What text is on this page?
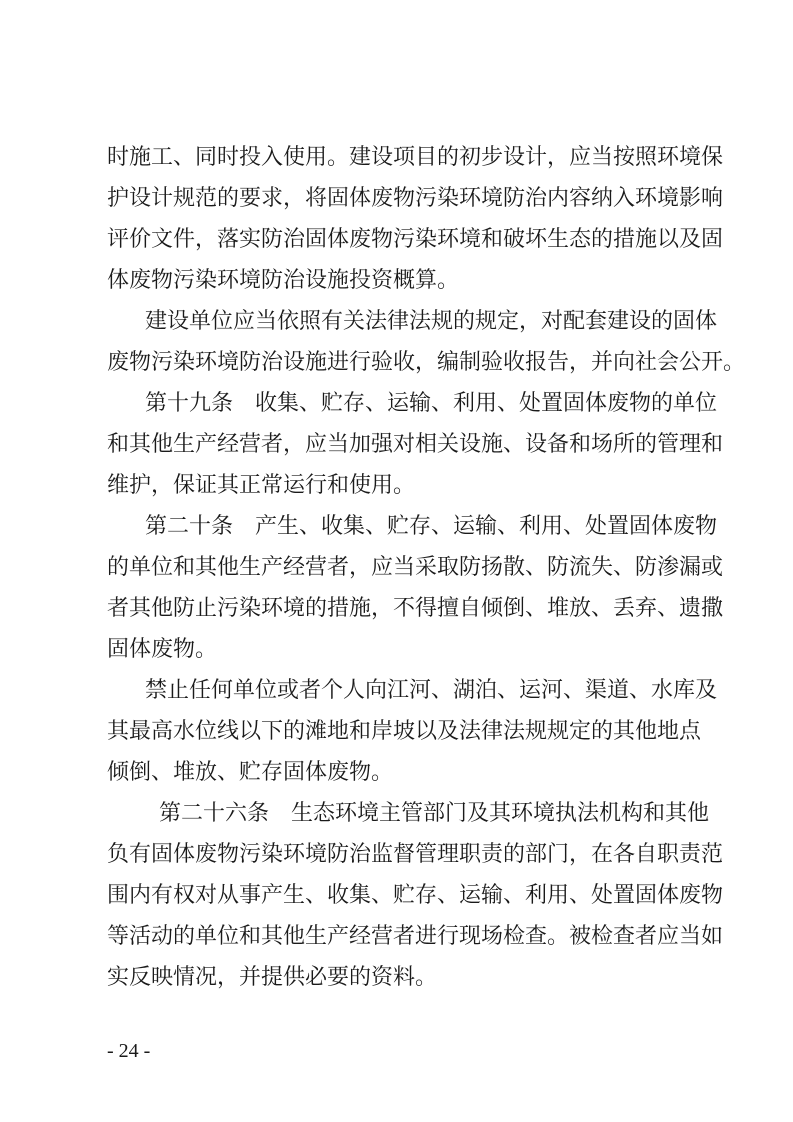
时施工、同时投入使用。建设项目的初步设计，应当按照环境保
护设计规范的要求，将固体废物污染环境防治内容纳入环境影响
评价文件，落实防治固体废物污染环境和破坏生态的措施以及固
体废物污染环境防治设施投资概算。
建设单位应当依照有关法律法规的规定，对配套建设的固体
废物污染环境防治设施进行验收，编制验收报告，并向社会公开。
第十九条　收集、贮存、运输、利用、处置固体废物的单位
和其他生产经营者，应当加强对相关设施、设备和场所的管理和
维护，保证其正常运行和使用。
第二十条　产生、收集、贮存、运输、利用、处置固体废物
的单位和其他生产经营者，应当采取防扬散、防流失、防渗漏或
者其他防止污染环境的措施，不得擅自倾倒、堆放、丢弃、遗撒
固体废物。
禁止任何单位或者个人向江河、湖泊、运河、渠道、水库及
其最高水位线以下的滩地和岸坡以及法律法规规定的其他地点
倾倒、堆放、贮存固体废物。
第二十六条　生态环境主管部门及其环境执法机构和其他
负有固体废物污染环境防治监督管理职责的部门，在各自职责范
围内有权对从事产生、收集、贮存、运输、利用、处置固体废物
等活动的单位和其他生产经营者进行现场检查。被检查者应当如
实反映情况，并提供必要的资料。
- 24 -
